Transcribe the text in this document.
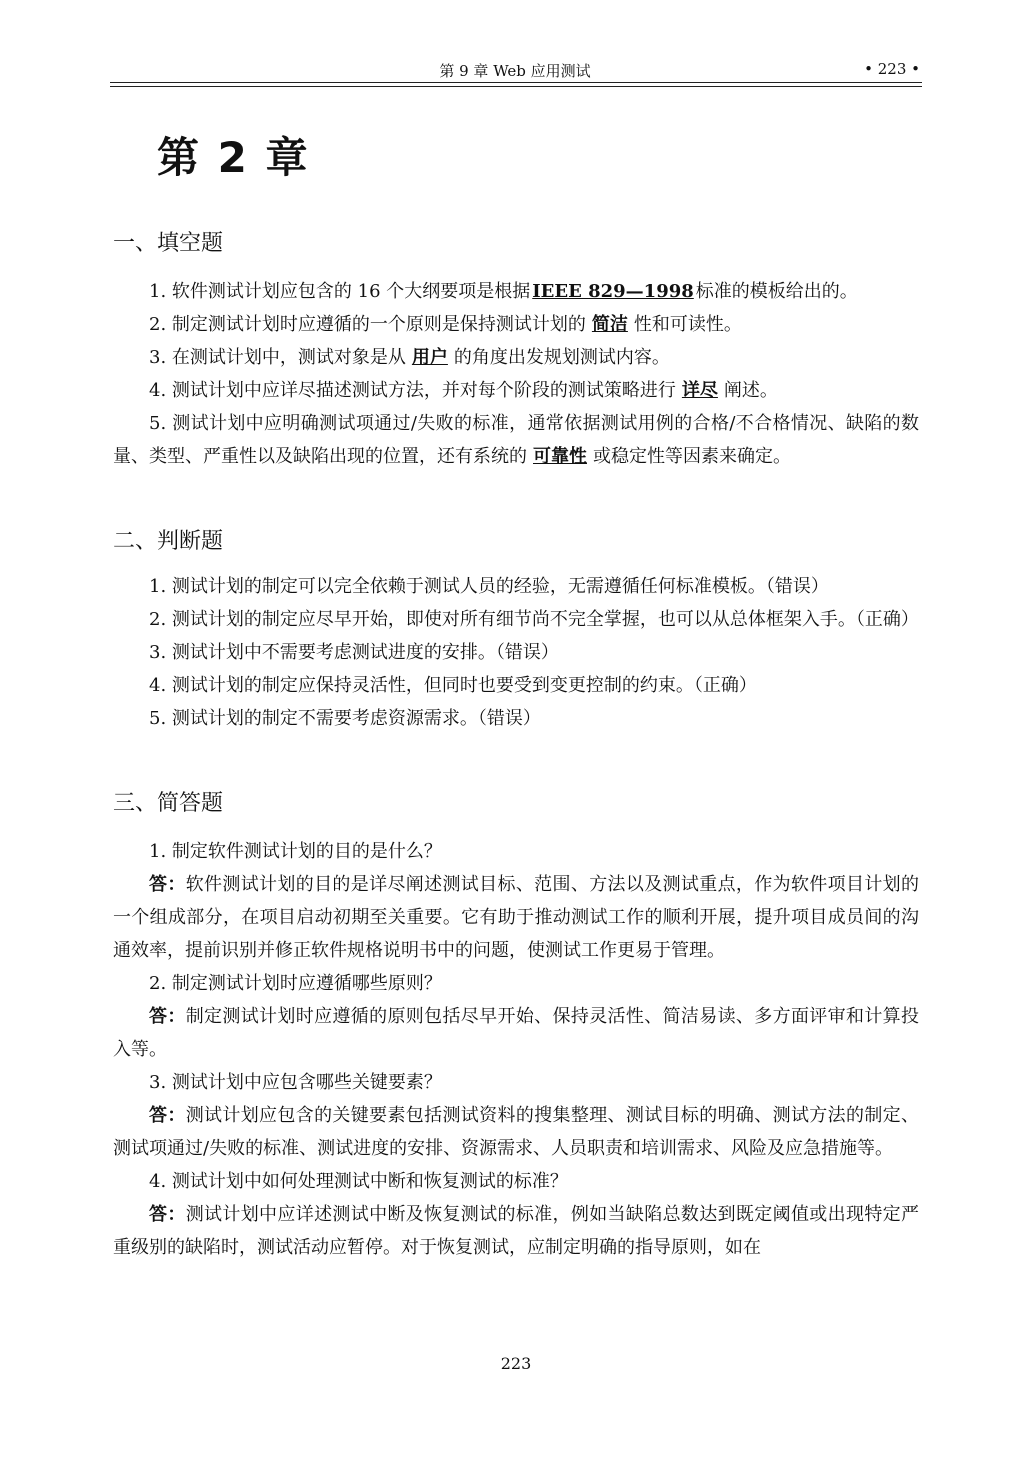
第 9 章 Web 应用测试	• 223 •
第 2 章
一、填空题

1. 软件测试计划应包含的 16 个大纲要项是根据 IEEE 829—1998 标准的模板给出的。

2. 制定测试计划时应遵循的一个原则是保持测试计划的 简洁 性和可读性。

3. 在测试计划中，测试对象是从 用户 的角度出发规划测试内容。

4. 测试计划中应详尽描述测试方法，并对每个阶段的测试策略进行 详尽 阐述。

5. 测试计划中应明确测试项通过/失败的标准，通常依据测试用例的合格/不合格情况、缺陷的数量、类型、严重性以及缺陷出现的位置，还有系统的 可靠性 或稳定性等因素来确定。

二、判断题

1. 测试计划的制定可以完全依赖于测试人员的经验，无需遵循任何标准模板。（错误）

2. 测试计划的制定应尽早开始，即使对所有细节尚不完全掌握，也可以从总体框架入手。（正确）

3. 测试计划中不需要考虑测试进度的安排。（错误）

4. 测试计划的制定应保持灵活性，但同时也要受到变更控制的约束。（正确）

5. 测试计划的制定不需要考虑资源需求。（错误）

三、简答题

1. 制定软件测试计划的目的是什么？

答：软件测试计划的目的是详尽阐述测试目标、范围、方法以及测试重点，作为软件项目计划的一个组成部分，在项目启动初期至关重要。它有助于推动测试工作的顺利开展，提升项目成员间的沟通效率，提前识别并修正软件规格说明书中的问题，使测试工作更易于管理。

2. 制定测试计划时应遵循哪些原则？

答：制定测试计划时应遵循的原则包括尽早开始、保持灵活性、简洁易读、多方面评审和计算投入等。

3. 测试计划中应包含哪些关键要素？

答：测试计划应包含的关键要素包括测试资料的搜集整理、测试目标的明确、测试方法的制定、测试项通过/失败的标准、测试进度的安排、资源需求、人员职责和培训需求、风险及应急措施等。

4. 测试计划中如何处理测试中断和恢复测试的标准？

答：测试计划中应详述测试中断及恢复测试的标准，例如当缺陷总数达到既定阈值或出现特定严重级别的缺陷时，测试活动应暂停。对于恢复测试，应制定明确的指导原则，如在

223
